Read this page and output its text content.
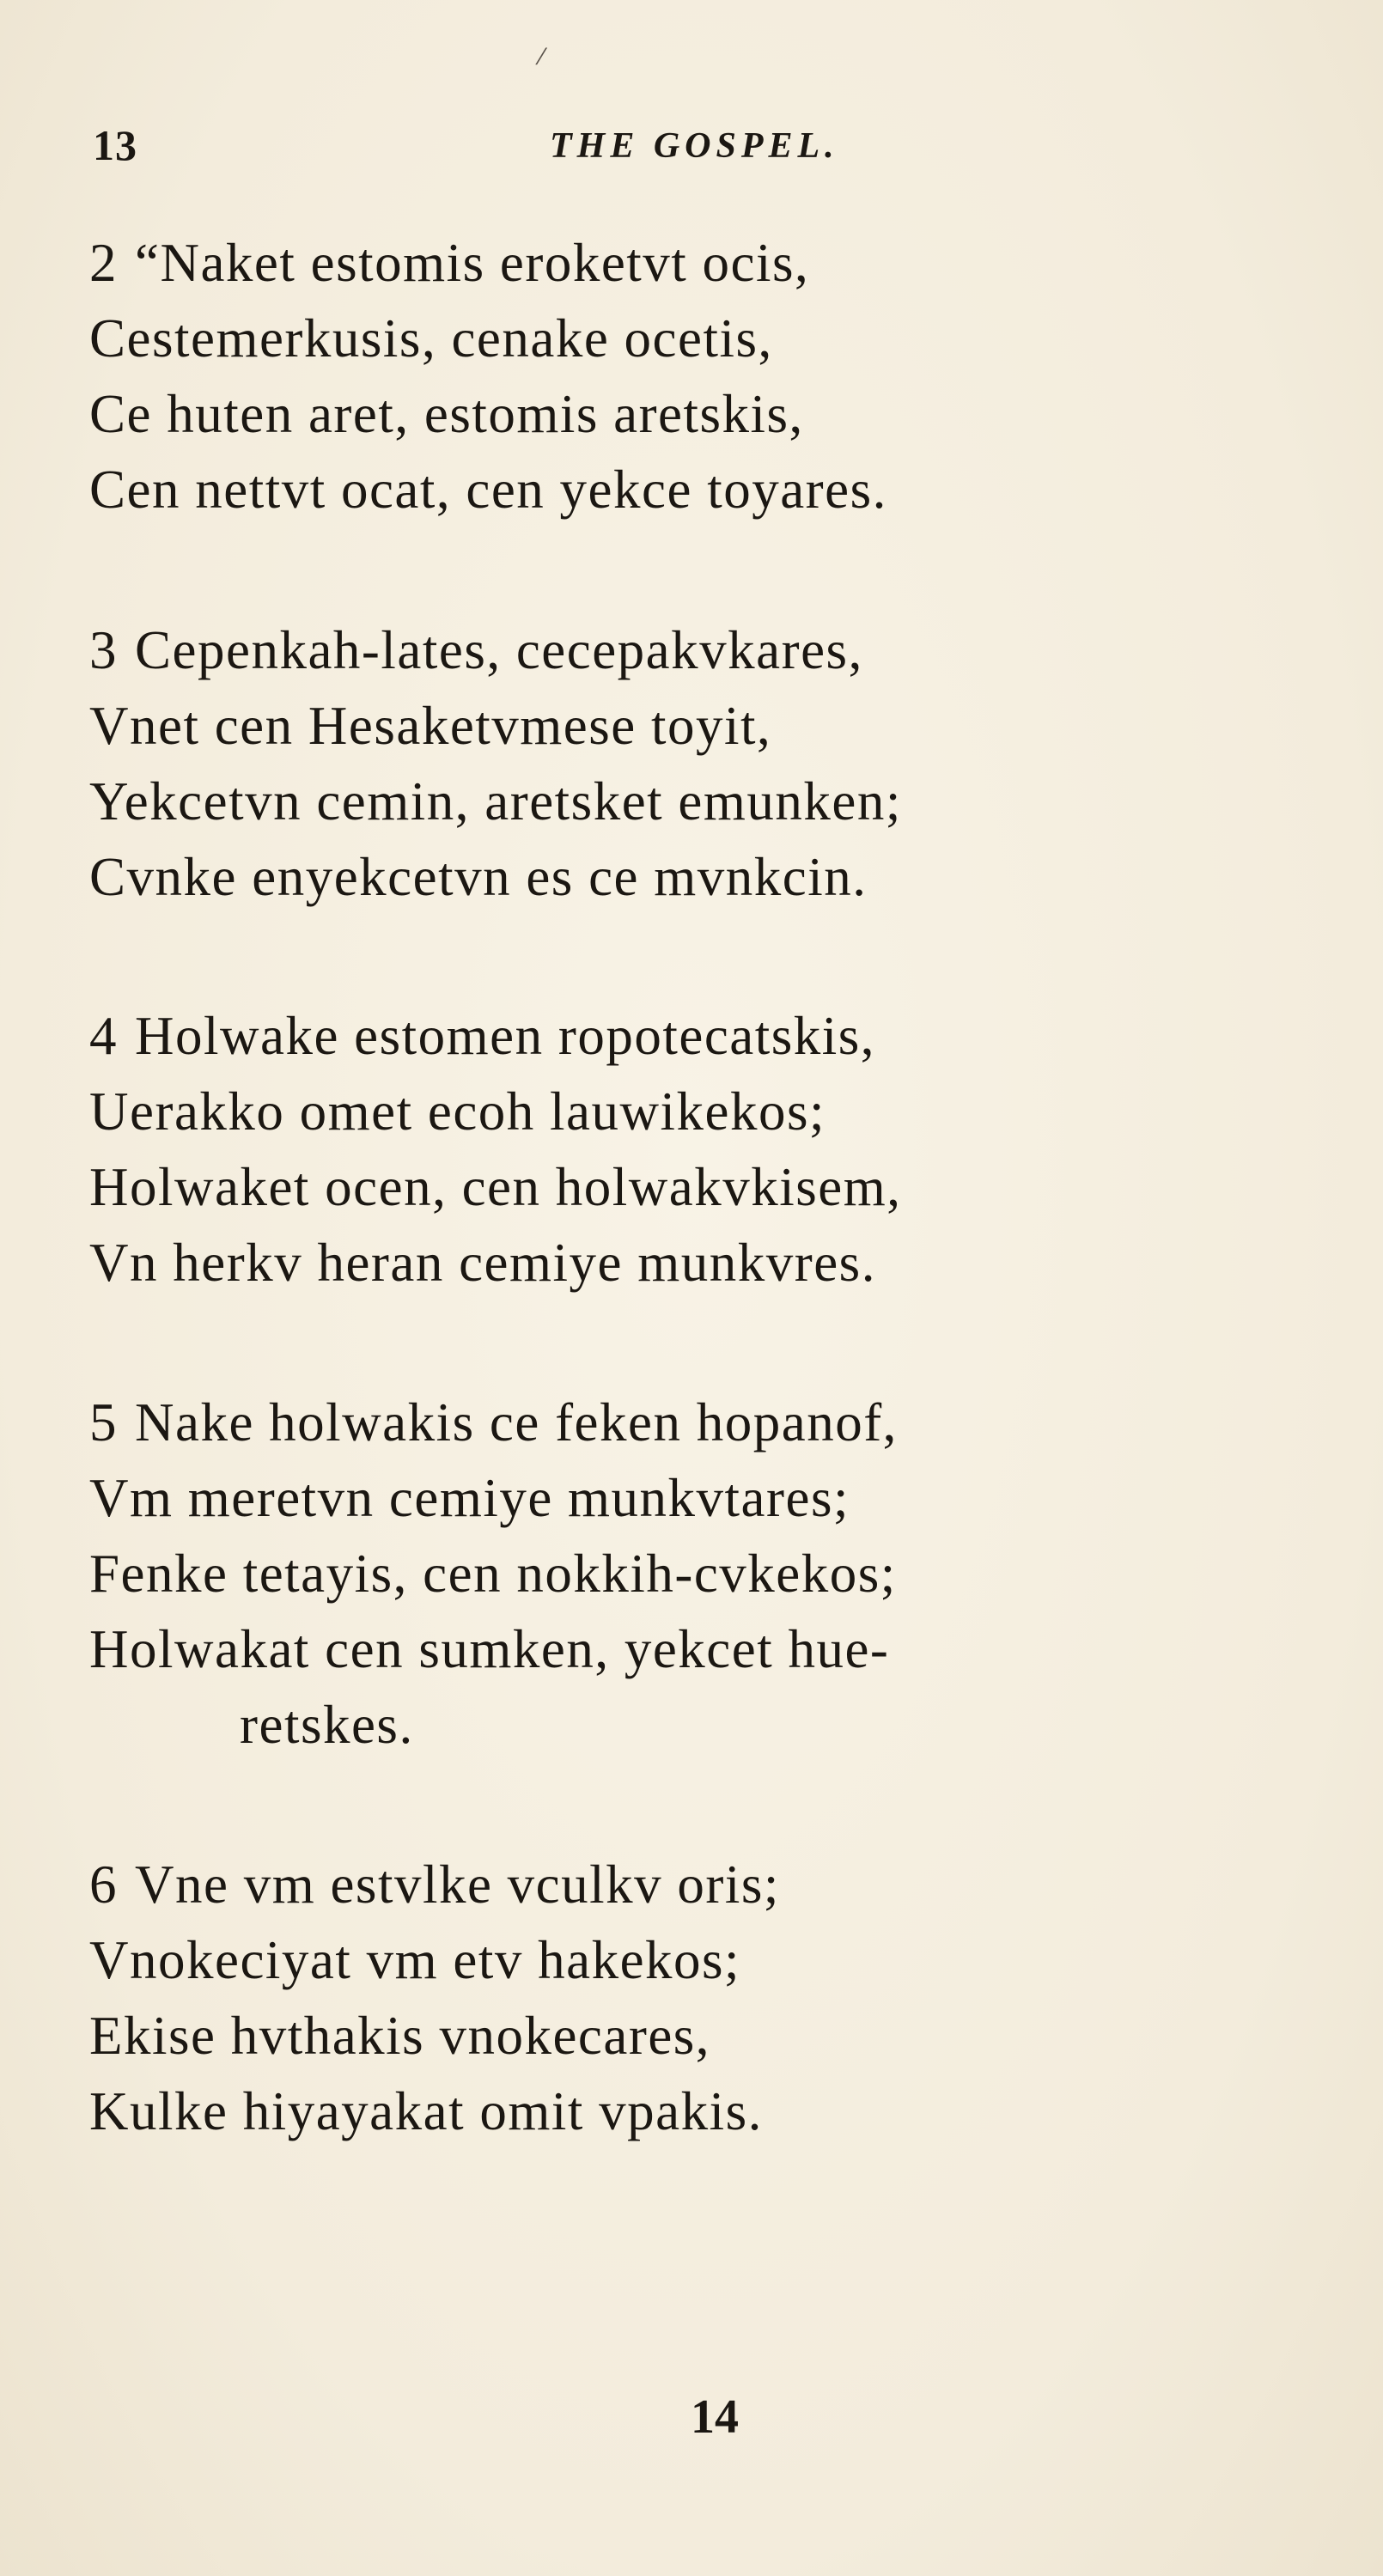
⁄
13	THE GOSPEL.
2 “Naket estomis eroketvt ocis,
Cestemerkusis, cenake ocetis,
Ce huten aret, estomis aretskis,
Cen nettvt ocat, cen yekce toyares.
3 Cepenkah-lates, cecepakvkares,
Vnet cen Hesaketvmese toyit,
Yekcetvn cemin, aretsket emunken;
Cvnke enyekcetvn es ce mvnkcin.
4 Holwake estomen ropotecatskis,
Uerakko omet ecoh lauwikekos;
Holwaket ocen, cen holwakvkisem,
Vn herkv heran cemiye munkvres.
5 Nake holwakis ce feken hopanof,
Vm meretvn cemiye munkvtares;
Fenke tetayis, cen nokkih-cvkekos;
Holwakat cen sumken, yekcet hue-
retskes.
6 Vne vm estvlke vculkv oris;
Vnokeciyat vm etv hakekos;
Ekise hvthakis vnokecares,
Kulke hiyayakat omit vpakis.
14
